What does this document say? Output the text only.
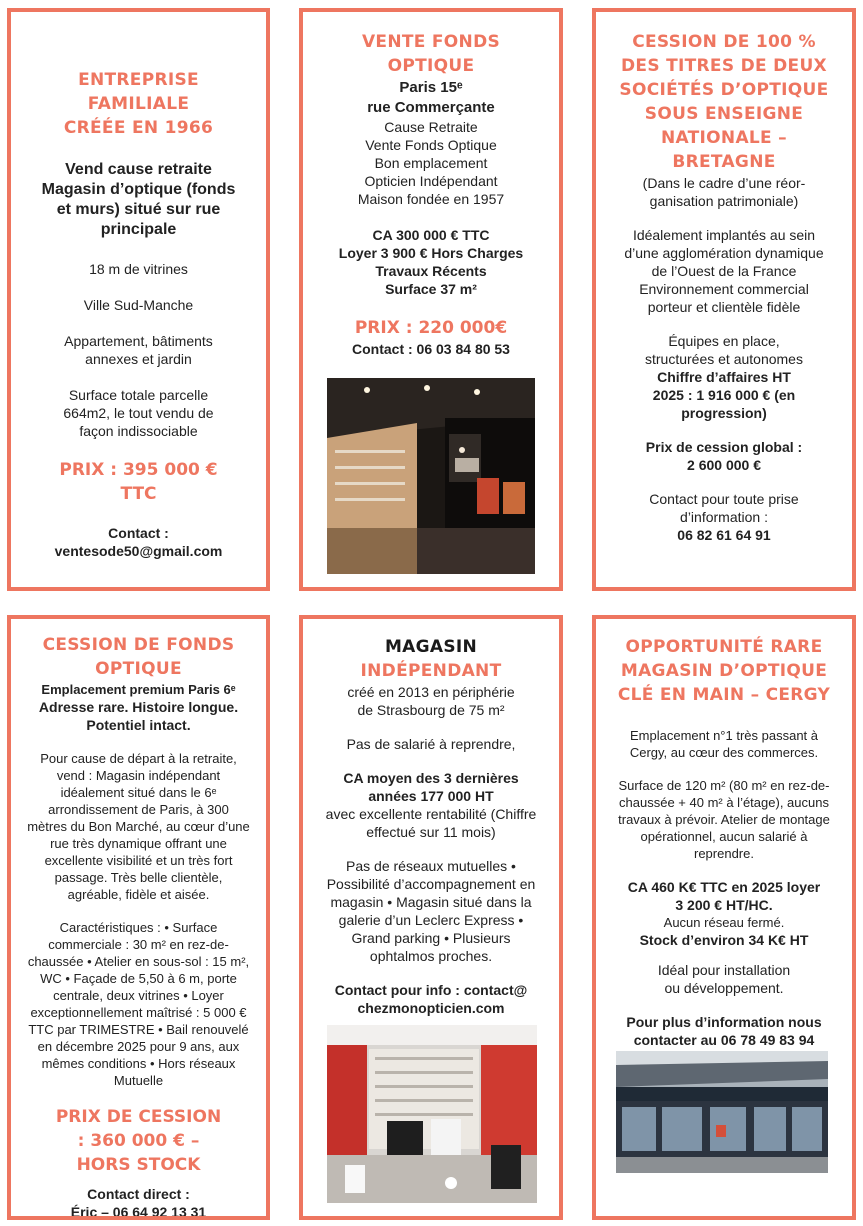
ENTREPRISE FAMILIALE CRÉÉE EN 1966
Vend cause retraite Magasin d’optique (fonds et murs) situé sur rue principale

18 m de vitrines

Ville Sud-Manche

Appartement, bâtiments annexes et jardin

Surface totale parcelle 664m2, le tout vendu de façon indissociable

PRIX : 395 000 € TTC

Contact :

ventesode50@gmail.com

VENTE FONDS OPTIQUE

Paris 15ᵉ

rue Commerçante

Cause Retraite
Vente Fonds Optique
Bon emplacement
Opticien Indépendant
Maison fondée en 1957

CA 300 000 € TTC
Loyer 3 900 € Hors Charges
Travaux Récents
Surface 37 m²

PRIX : 220 000€

Contact : 06 03 84 80 53

CESSION DE 100 % DES TITRES DE DEUX SOCIÉTÉS D’OPTIQUE SOUS ENSEIGNE NATIONALE – BRETAGNE

(Dans le cadre d’une réorganisation patrimoniale)

Idéalement implantés au sein d’une agglomération dynamique de l’Ouest de la France Environnement commercial porteur et clientèle fidèle

Équipes en place, structurées et autonomes

Chiffre d’affaires HT 2025 : 1 916 000 € (en progression)

Prix de cession global : 2 600 000 €

Contact pour toute prise d’information :

06 82 61 64 91

CESSION DE FONDS OPTIQUE

Emplacement premium Paris 6ᵉ

Adresse rare. Histoire longue. Potentiel intact.

Pour cause de départ à la retraite, vend : Magasin indépendant idéalement situé dans le 6ᵉ arrondissement de Paris, à 300 mètres du Bon Marché, au cœur d’une rue très dynamique offrant une excellente visibilité et un très fort passage. Très belle clientèle, agréable, fidèle et aisée.

Caractéristiques : • Surface commerciale : 30 m² en rez-de-chaussée • Atelier en sous-sol : 15 m², WC • Façade de 5,50 à 6 m, porte centrale, deux vitrines • Loyer exceptionnellement maîtrisé : 5 000 € TTC par TRIMESTRE • Bail renouvelé en décembre 2025 pour 9 ans, aux mêmes conditions • Hors réseaux Mutuelle

PRIX DE CESSION : 360 000 € – HORS STOCK

Contact direct :

Éric – 06 64 92 13 31

MAGASIN
INDÉPENDANT

créé en 2013 en périphérie de Strasbourg de 75 m²

Pas de salarié à reprendre,

CA moyen des 3 dernières années 177 000 HT

avec excellente rentabilité (Chiffre effectué sur 11 mois)

Pas de réseaux mutuelles • Possibilité d’accompagnement en magasin • Magasin situé dans la galerie d’un Leclerc Express • Grand parking • Plusieurs ophtalmos proches.

Contact pour info : contact@ chezmonopticien.com

OPPORTUNITÉ RARE MAGASIN D’OPTIQUE CLÉ EN MAIN – CERGY

Emplacement n°1 très passant à Cergy, au cœur des commerces.

Surface de 120 m² (80 m² en rez-de-chaussée + 40 m² à l’étage), aucuns travaux à prévoir. Atelier de montage opérationnel, aucun salarié à reprendre.

CA 460 K€ TTC en 2025 loyer 3 200 € HT/HC.

Aucun réseau fermé.

Stock d’environ 34 K€ HT

Idéal pour installation ou développement.

Pour plus d’information nous contacter au 06 78 49 83 94
